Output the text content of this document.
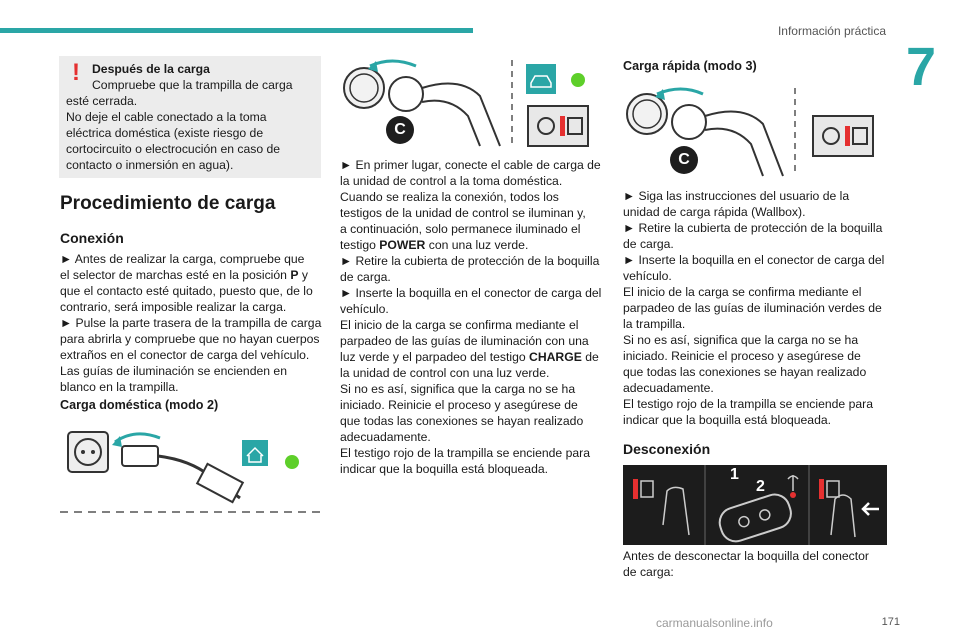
Información práctica
7
! Después de la carga
Compruebe que la trampilla de carga
esté cerrada.
No deje el cable conectado a la toma
eléctrica doméstica (existe riesgo de
cortocircuito o electrocución en caso de
contacto o inmersión en agua).
Procedimiento de carga
Conexión

► Antes de realizar la carga, compruebe que

el selector de marchas esté en la posición P y

que el contacto esté quitado, puesto que, de lo

contrario, será imposible realizar la carga.

► Pulse la parte trasera de la trampilla de carga

para abrirla y compruebe que no hayan cuerpos

extraños en el conector de carga del vehículo.

Las guías de iluminación se encienden en

blanco en la trampilla.

Carga doméstica (modo 2)
C

► En primer lugar, conecte el cable de carga de

la unidad de control a la toma doméstica.

Cuando se realiza la conexión, todos los

testigos de la unidad de control se iluminan y,

a continuación, solo permanece iluminado el

testigo POWER con una luz verde.

► Retire la cubierta de protección de la boquilla

de carga.

► Inserte la boquilla en el conector de carga del

vehículo.

El inicio de la carga se confirma mediante el

parpadeo de las guías de iluminación con una

luz verde y el parpadeo del testigo CHARGE de

la unidad de control con una luz verde.

Si no es así, significa que la carga no se ha

iniciado. Reinicie el proceso y asegúrese de

que todas las conexiones se hayan realizado

adecuadamente.

El testigo rojo de la trampilla se enciende para

indicar que la boquilla está bloqueada.

Carga rápida (modo 3)
C

► Siga las instrucciones del usuario de la

unidad de carga rápida (Wallbox).

► Retire la cubierta de protección de la boquilla

de carga.

► Inserte la boquilla en el conector de carga del

vehículo.

El inicio de la carga se confirma mediante el

parpadeo de las guías de iluminación verdes de

la trampilla.

Si no es así, significa que la carga no se ha

iniciado. Reinicie el proceso y asegúrese de

que todas las conexiones se hayan realizado

adecuadamente.

El testigo rojo de la trampilla se enciende para

indicar que la boquilla está bloqueada.

Desconexión
1
2

Antes de desconectar la boquilla del conector

de carga:

carmanualsonline.info	171
